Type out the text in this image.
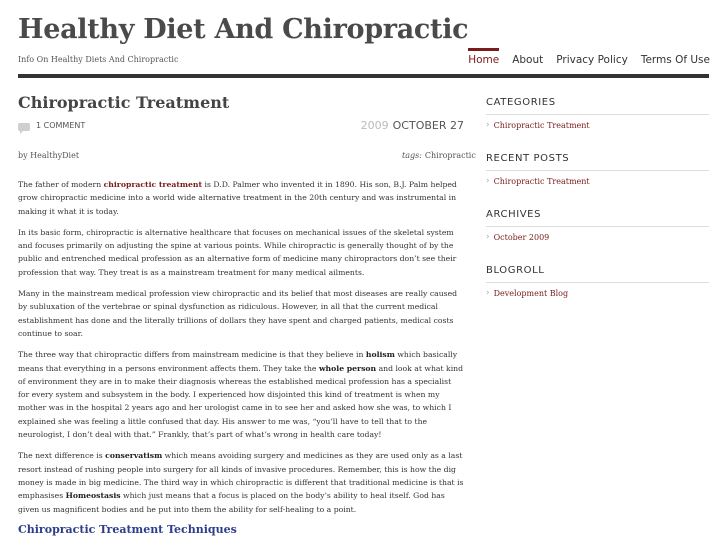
Healthy Diet And Chiropractic
Info On Healthy Diets And Chiropractic	Home About Privacy Policy Terms Of Use
Chiropractic Treatment
1 COMMENT	2009 OCTOBER 27
by HealthyDiet	tags: Chiropractic

The father of modern chiropractic treatment is D.D. Palmer who invented it in 1890. His son, B.J. Palm helped grow chiropractic medicine into a world wide alternative treatment in the 20th century and was instrumental in making it what it is today.

In its basic form, chiropractic is alternative healthcare that focuses on mechanical issues of the skeletal system and focuses primarily on adjusting the spine at various points. While chiropractic is generally thought of by the public and entrenched medical profession as an alternative form of medicine many chiropractors don’t see their profession that way. They treat is as a mainstream treatment for many medical ailments.

Many in the mainstream medical profession view chiropractic and its belief that most diseases are really caused by subluxation of the vertebrae or spinal dysfunction as ridiculous. However, in all that the current medical establishment has done and the literally trillions of dollars they have spent and charged patients, medical costs continue to soar.

The three way that chiropractic differs from mainstream medicine is that they believe in holism which basically means that everything in a persons environment affects them. They take the whole person and look at what kind of environment they are in to make their diagnosis whereas the established medical profession has a specialist for every system and subsystem in the body. I experienced how disjointed this kind of treatment is when my mother was in the hospital 2 years ago and her urologist came in to see her and asked how she was, to which I explained she was feeling a little confused that day. His answer to me was, “you’ll have to tell that to the neurologist, I don’t deal with that.” Frankly, that’s part of what’s wrong in health care today!

The next difference is conservatism which means avoiding surgery and medicines as they are used only as a last resort instead of rushing people into surgery for all kinds of invasive procedures. Remember, this is how the dig money is made in big medicine. The third way in which chiropractic is different that traditional medicine is that is emphasises Homeostasis which just means that a focus is placed on the body’s ability to heal itself. God has given us magnificent bodies and he put into them the ability for self-healing to a point.

Chiropractic Treatment Techniques
CATEGORIES
› Chiropractic Treatment
RECENT POSTS
› Chiropractic Treatment
ARCHIVES
› October 2009
BLOGROLL
› Development Blog
